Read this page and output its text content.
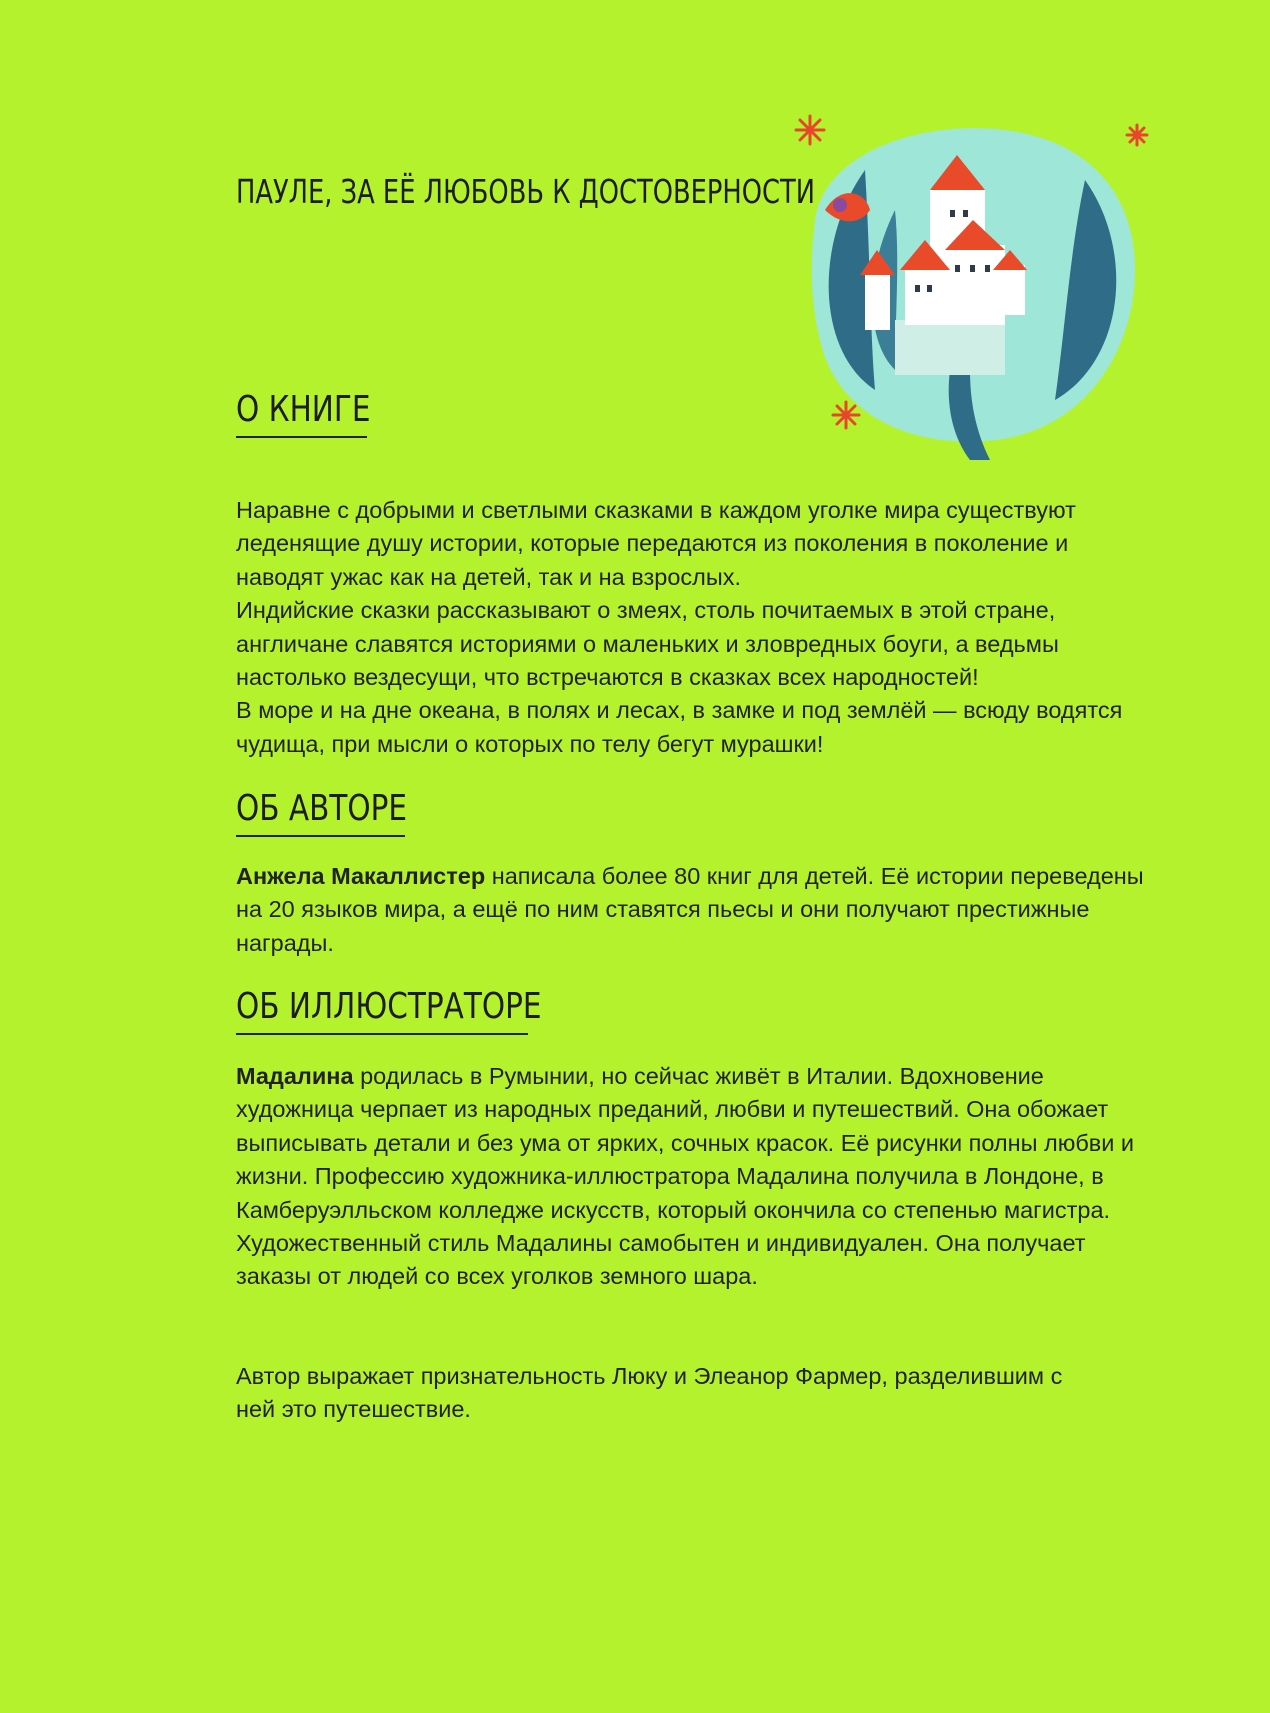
ПАУЛЕ, ЗА ЕЁ ЛЮБОВЬ К ДОСТОВЕРНОСТИ
О КНИГЕ

Наравне с добрыми и светлыми сказками в каждом уголке мира существуют леденящие душу истории, которые передаются из поколения в поколение и наводят ужас как на детей, так и на взрослых.

Индийские сказки рассказывают о змеях, столь почитаемых в этой стране, англичане славятся историями о маленьких и зловредных боуги, а ведьмы настолько вездесущи, что встречаются в сказках всех народностей!

В море и на дне океана, в полях и лесах, в замке и под землёй — всюду водятся чудища, при мысли о которых по телу бегут мурашки!

ОБ АВТОРЕ

Анжела Макаллистер написала более 80 книг для детей. Её истории переведены на 20 языков мира, а ещё по ним ставятся пьесы и они получают престижные награды.

ОБ ИЛЛЮСТРАТОРЕ

Мадалина родилась в Румынии, но сейчас живёт в Италии. Вдохновение художница черпает из народных преданий, любви и путешествий. Она обожает выписывать детали и без ума от ярких, сочных красок. Её рисунки полны любви и жизни. Профессию художника-иллюстратора Мадалина получила в Лондоне, в Камберуэлльском колледже искусств, который окончила со степенью магистра. Художественный стиль Мадалины самобытен и индивидуален. Она получает заказы от людей со всех уголков земного шара.

Автор выражает признательность Люку и Элеанор Фармер, разделившим с ней это путешествие.
